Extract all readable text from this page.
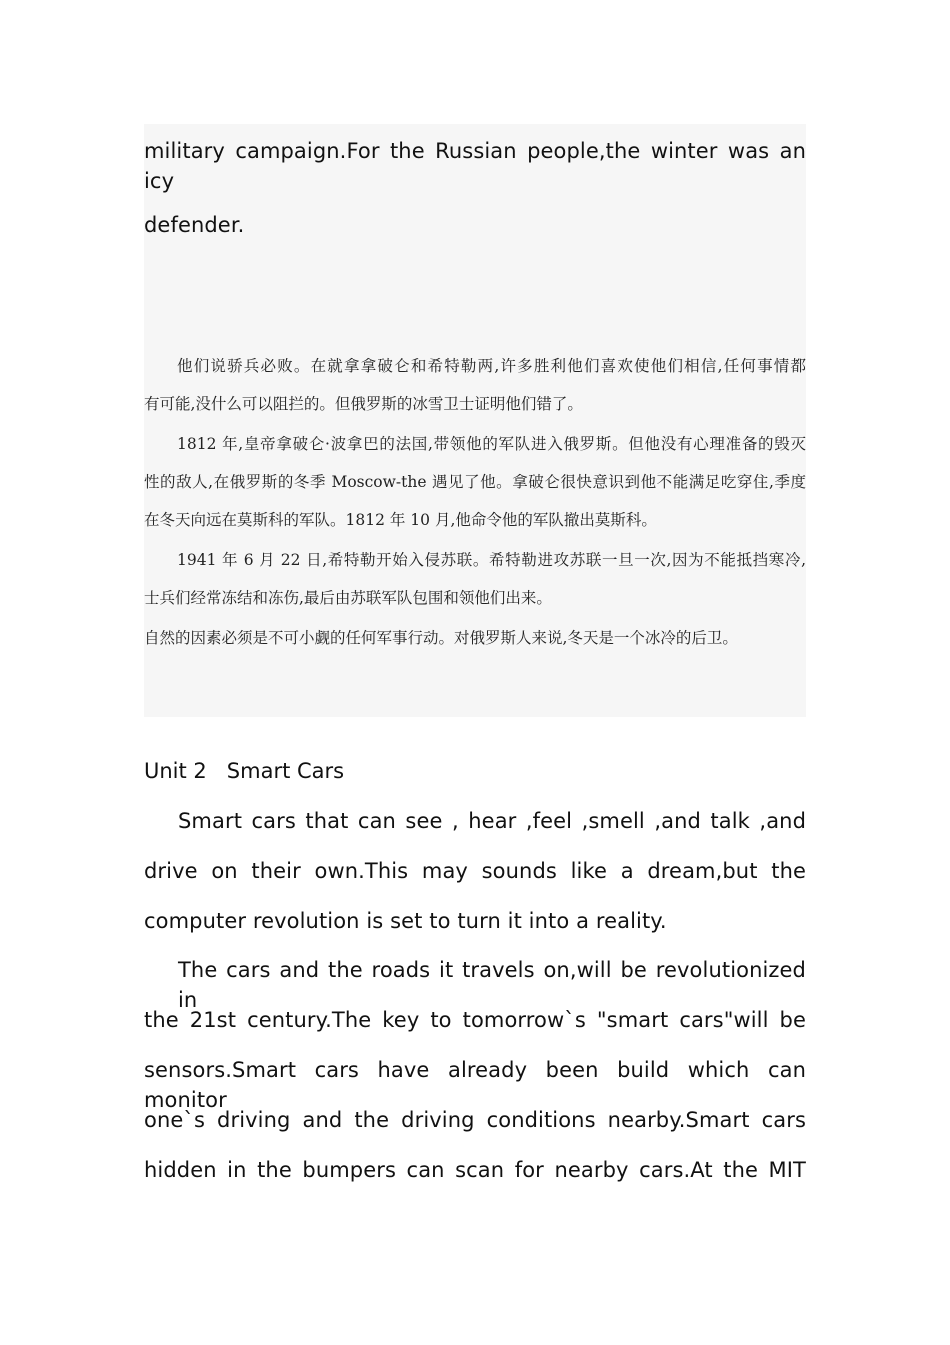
military campaign.For the Russian people,the winter was an icy
defender.
他们说骄兵必败。在就拿拿破仑和希特勒两,许多胜利他们喜欢使他们相信,任何事情都
有可能,没什么可以阻拦的。但俄罗斯的冰雪卫士证明他们错了。
1812 年,皇帝拿破仑·波拿巴的法国,带领他的军队进入俄罗斯。但他没有心理准备的毁灭
性的敌人,在俄罗斯的冬季 Moscow-the 遇见了他。拿破仑很快意识到他不能满足吃穿住,季度
在冬天向远在莫斯科的军队。1812 年 10 月,他命令他的军队撤出莫斯科。
1941 年 6 月 22 日,希特勒开始入侵苏联。希特勒进攻苏联一旦一次,因为不能抵挡寒冷,
士兵们经常冻结和冻伤,最后由苏联军队包围和领他们出来。
自然的因素必须是不可小觑的任何军事行动。对俄罗斯人来说,冬天是一个冰冷的后卫。
Unit 2   Smart Cars
Smart cars that can see , hear ,feel ,smell ,and talk ,and
drive on their own.This may sounds like a dream,but the
computer revolution is set to turn it into a reality.
The cars and the roads it travels on,will be revolutionized in
the 21st century.The key to tomorrow`s "smart cars"will be
sensors.Smart cars have already been build which can monitor
one`s driving and the driving conditions nearby.Smart cars
hidden in the bumpers can scan for nearby cars.At the MIT
